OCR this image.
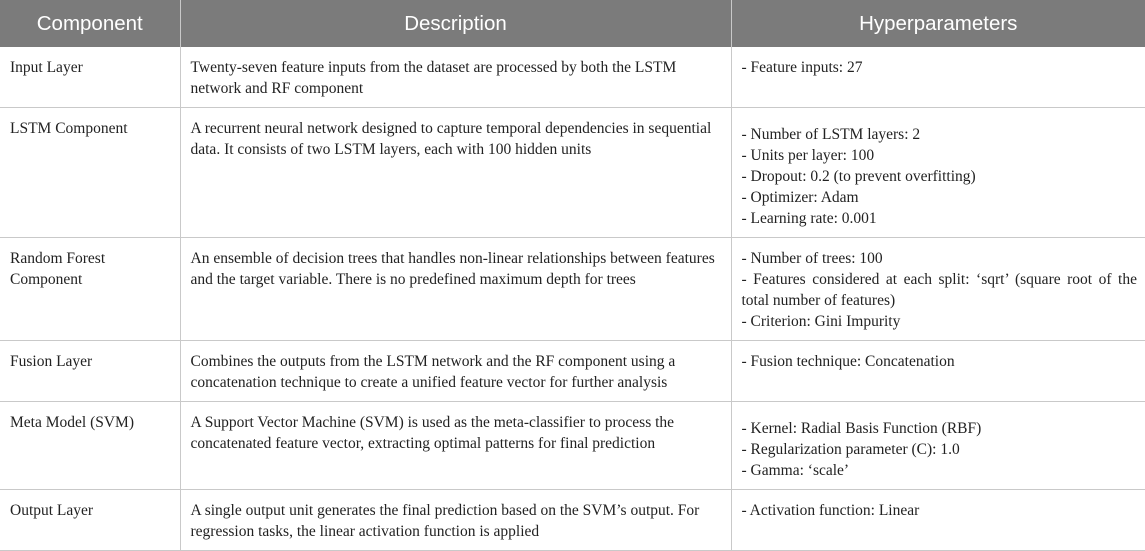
Component	Description	Hyperparameters
Input Layer	Twenty-seven feature inputs from the dataset are processed by both the LSTM network and RF component	- Feature inputs: 27

LSTM Component	A recurrent neural network designed to capture temporal dependencies in sequential data. It consists of two LSTM layers, each with 100 hidden units	- Number of LSTM layers: 2
- Units per layer: 100
- Dropout: 0.2 (to prevent overfitting)
- Optimizer: Adam
- Learning rate: 0.001

Random Forest Component	An ensemble of decision trees that handles non-linear relationships between features and the target variable. There is no predefined maximum depth for trees	- Number of trees: 100
- Features considered at each split: ‘sqrt’ (square root of the total number of features)
- Criterion: Gini Impurity

Fusion Layer	Combines the outputs from the LSTM network and the RF component using a concatenation technique to create a unified feature vector for further analysis	- Fusion technique: Concatenation

Meta Model (SVM)	A Support Vector Machine (SVM) is used as the meta-classifier to process the concatenated feature vector, extracting optimal patterns for final prediction	- Kernel: Radial Basis Function (RBF)
- Regularization parameter (C): 1.0
- Gamma: ‘scale’

Output Layer	A single output unit generates the final prediction based on the SVM’s output. For regression tasks, the linear activation function is applied	- Activation function: Linear
